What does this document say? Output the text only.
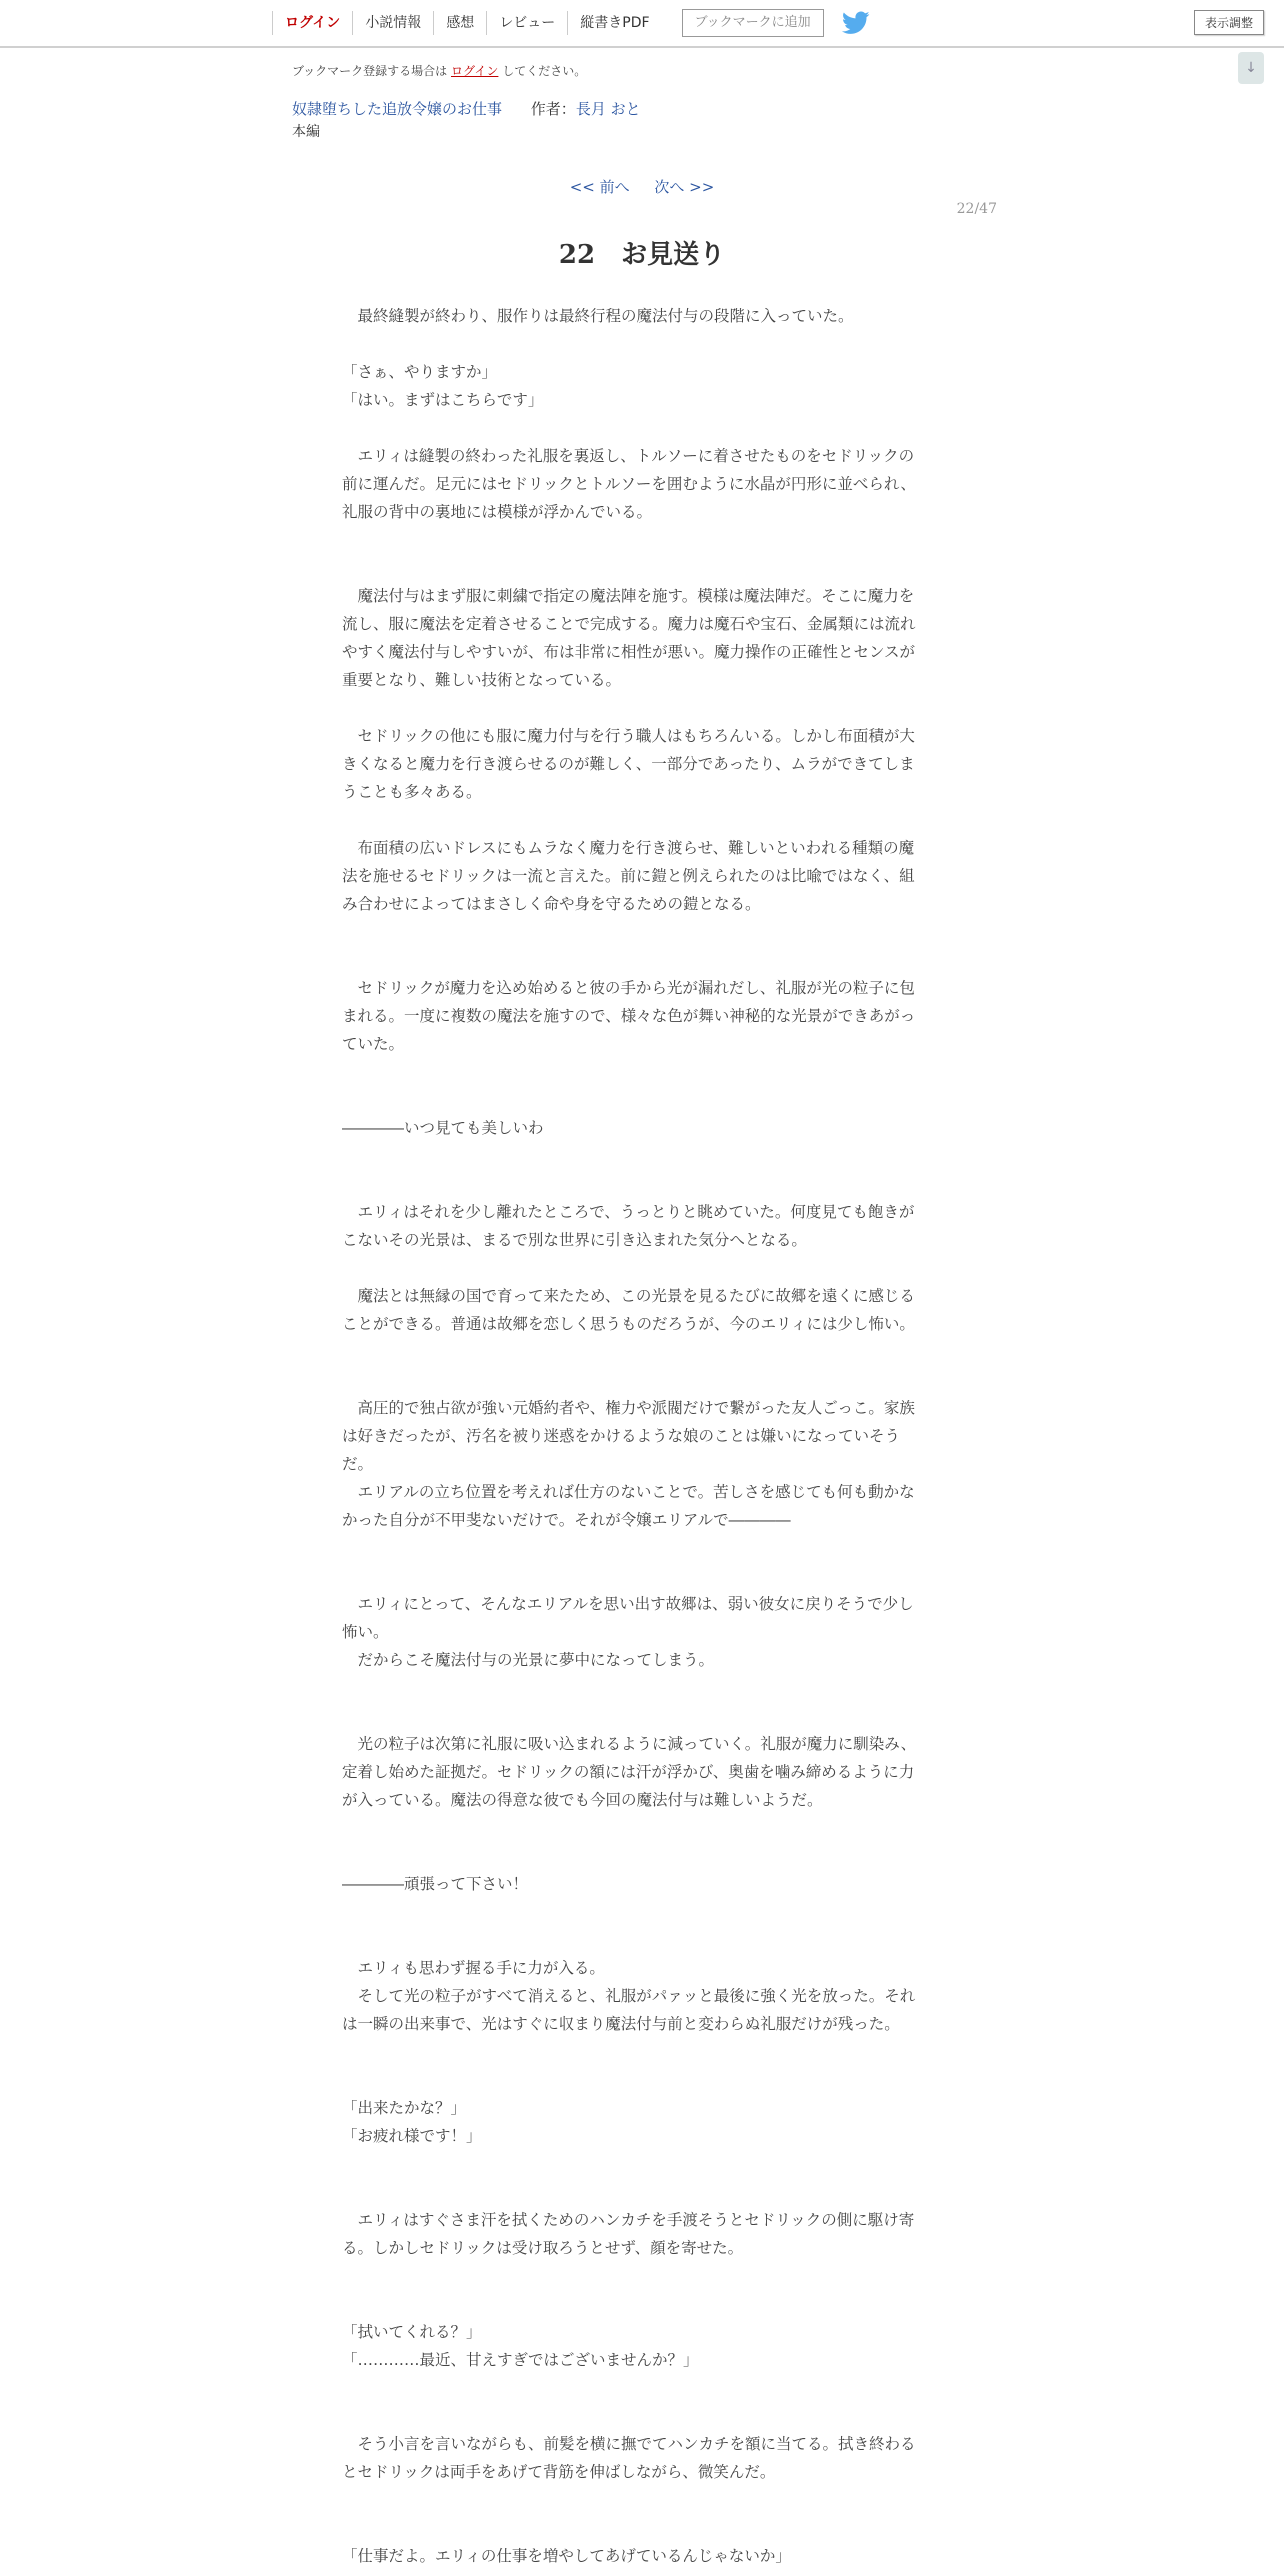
ログイン	小説情報	感想	レビュー	縦書きPDF	ブックマークに追加	表示調整
↓
ブックマーク登録する場合は ログイン してください。
奴隷堕ちした追放令嬢のお仕事 作者：長月 おと
本編
<< 前へ 次へ >>
22/47
22　お見送り

　最終縫製が終わり、服作りは最終行程の魔法付与の段階に入っていた。

「さぁ、やりますか」

「はい。まずはこちらです」

　エリィは縫製の終わった礼服を裏返し、トルソーに着させたものをセドリックの

前に運んだ。足元にはセドリックとトルソーを囲むように水晶が円形に並べられ、

礼服の背中の裏地には模様が浮かんでいる。

　魔法付与はまず服に刺繍で指定の魔法陣を施す。模様は魔法陣だ。そこに魔力を

流し、服に魔法を定着させることで完成する。魔力は魔石や宝石、金属類には流れ

やすく魔法付与しやすいが、布は非常に相性が悪い。魔力操作の正確性とセンスが

重要となり、難しい技術となっている。

　セドリックの他にも服に魔力付与を行う職人はもちろんいる。しかし布面積が大

きくなると魔力を行き渡らせるのが難しく、一部分であったり、ムラができてしま

うことも多々ある。

　布面積の広いドレスにもムラなく魔力を行き渡らせ、難しいといわれる種類の魔

法を施せるセドリックは一流と言えた。前に鎧と例えられたのは比喩ではなく、組

み合わせによってはまさしく命や身を守るための鎧となる。

　セドリックが魔力を込め始めると彼の手から光が漏れだし、礼服が光の粒子に包

まれる。一度に複数の魔法を施すので、様々な色が舞い神秘的な光景ができあがっ

ていた。

――――いつ見ても美しいわ

　エリィはそれを少し離れたところで、うっとりと眺めていた。何度見ても飽きが

こないその光景は、まるで別な世界に引き込まれた気分へとなる。

　魔法とは無縁の国で育って来たため、この光景を見るたびに故郷を遠くに感じる

ことができる。普通は故郷を恋しく思うものだろうが、今のエリィには少し怖い。

　高圧的で独占欲が強い元婚約者や、権力や派閥だけで繋がった友人ごっこ。家族

は好きだったが、汚名を被り迷惑をかけるような娘のことは嫌いになっていそう

だ。

　エリアルの立ち位置を考えれば仕方のないことで。苦しさを感じても何も動かな

かった自分が不甲斐ないだけで。それが令嬢エリアルで――――

　エリィにとって、そんなエリアルを思い出す故郷は、弱い彼女に戻りそうで少し

怖い。

　だからこそ魔法付与の光景に夢中になってしまう。

　光の粒子は次第に礼服に吸い込まれるように減っていく。礼服が魔力に馴染み、

定着し始めた証拠だ。セドリックの額には汗が浮かび、奥歯を噛み締めるように力

が入っている。魔法の得意な彼でも今回の魔法付与は難しいようだ。

――――頑張って下さい！

　エリィも思わず握る手に力が入る。

　そして光の粒子がすべて消えると、礼服がパァッと最後に強く光を放った。それ

は一瞬の出来事で、光はすぐに収まり魔法付与前と変わらぬ礼服だけが残った。

「出来たかな？」

「お疲れ様です！」

　エリィはすぐさま汗を拭くためのハンカチを手渡そうとセドリックの側に駆け寄

る。しかしセドリックは受け取ろうとせず、顔を寄せた。

「拭いてくれる？」

「…………最近、甘えすぎではございませんか？」

　そう小言を言いながらも、前髪を横に撫でてハンカチを額に当てる。拭き終わる

とセドリックは両手をあげて背筋を伸ばしながら、微笑んだ。

「仕事だよ。エリィの仕事を増やしてあげているんじゃないか」
